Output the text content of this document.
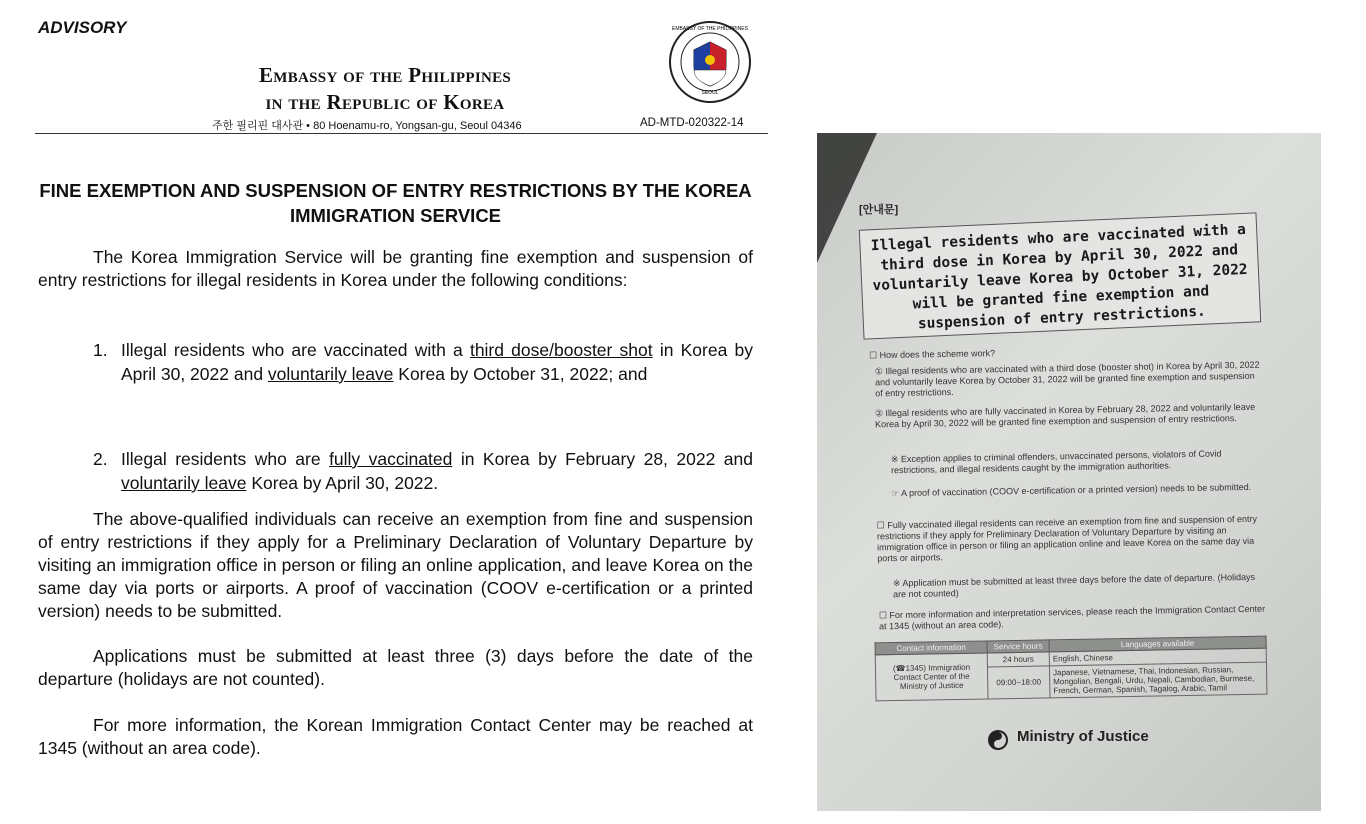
ADVISORY
Embassy of the Philippines
in the Republic of Korea	SEOUL
EMBASSY OF THE PHILIPPINES
주한 필리핀 대사관 • 80 Hoenamu-ro, Yongsan-gu, Seoul 04346	AD-MTD-020322-14
FINE EXEMPTION AND SUSPENSION OF ENTRY RESTRICTIONS BY THE KOREA IMMIGRATION SERVICE
The Korea Immigration Service will be granting fine exemption and suspension of entry restrictions for illegal residents in Korea under the following conditions:
1. Illegal residents who are vaccinated with a third dose/booster shot in Korea by April 30, 2022 and voluntarily leave Korea by October 31, 2022; and
2. Illegal residents who are fully vaccinated in Korea by February 28, 2022 and voluntarily leave Korea by April 30, 2022.
The above-qualified individuals can receive an exemption from fine and suspension of entry restrictions if they apply for a Preliminary Declaration of Voluntary Departure by visiting an immigration office in person or filing an online application, and leave Korea on the same day via ports or airports. A proof of vaccination (COOV e-certification or a printed version) needs to be submitted.
Applications must be submitted at least three (3) days before the date of the departure (holidays are not counted).
For more information, the Korean Immigration Contact Center may be reached at 1345 (without an area code).
[안내문]
Illegal residents who are vaccinated with a third dose in Korea by April 30, 2022 and voluntarily leave Korea by October 31, 2022 will be granted fine exemption and suspension of entry restrictions.
☐ How does the scheme work?
① Illegal residents who are vaccinated with a third dose (booster shot) in Korea by April 30, 2022 and voluntarily leave Korea by October 31, 2022 will be granted fine exemption and suspension of entry restrictions.
② Illegal residents who are fully vaccinated in Korea by February 28, 2022 and voluntarily leave Korea by April 30, 2022 will be granted fine exemption and suspension of entry restrictions.
※ Exception applies to criminal offenders, unvaccinated persons, violators of Covid restrictions, and illegal residents caught by the immigration authorities.
☞ A proof of vaccination (COOV e-certification or a printed version) needs to be submitted.
☐ Fully vaccinated illegal residents can receive an exemption from fine and suspension of entry restrictions if they apply for Preliminary Declaration of Voluntary Departure by visiting an immigration office in person or filing an application online and leave Korea on the same day via ports or airports.
※ Application must be submitted at least three days before the date of departure. (Holidays are not counted)
☐ For more information and interpretation services, please reach the Immigration Contact Center at 1345 (without an area code).
Contact information	Service hours	Languages available
(☎1345) Immigration Contact Center of the Ministry of Justice	24 hours	English, Chinese
	09:00~18:00	Japanese, Vietnamese, Thai, Indonesian, Russian, Mongolian, Bengali, Urdu, Nepali, Cambodian, Burmese, French, German, Spanish, Tagalog, Arabic, Tamil
Ministry of Justice
